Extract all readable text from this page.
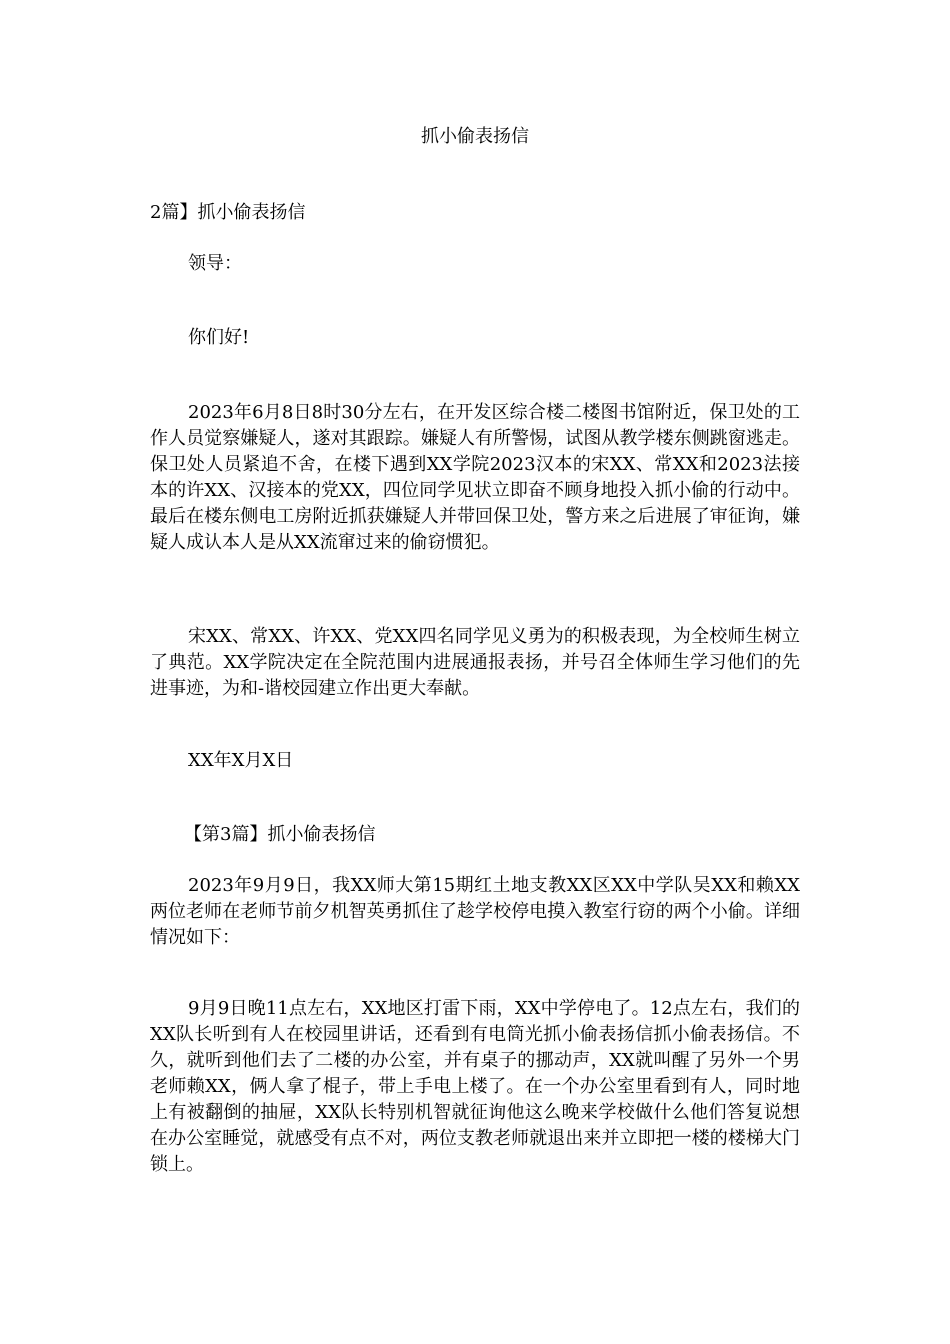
抓小偷表扬信
2篇】抓小偷表扬信
领导：
你们好!
2023年6月8日8时30分左右，在开发区综合楼二楼图书馆附近，保卫处的工作人员觉察嫌疑人，遂对其跟踪。嫌疑人有所警惕，试图从教学楼东侧跳窗逃走。保卫处人员紧追不舍，在楼下遇到XX学院2023汉本的宋XX、常XX和2023法接本的许XX、汉接本的党XX，四位同学见状立即奋不顾身地投入抓小偷的行动中。最后在楼东侧电工房附近抓获嫌疑人并带回保卫处，警方来之后进展了审征询，嫌疑人成认本人是从XX流窜过来的偷窃惯犯。
宋XX、常XX、许XX、党XX四名同学见义勇为的积极表现，为全校师生树立了典范。XX学院决定在全院范围内进展通报表扬，并号召全体师生学习他们的先进事迹，为和-谐校园建立作出更大奉献。
XX年X月X日
【第3篇】抓小偷表扬信
2023年9月9日，我XX师大第15期红土地支教XX区XX中学队吴XX和赖XX两位老师在老师节前夕机智英勇抓住了趁学校停电摸入教室行窃的两个小偷。详细情况如下：
9月9日晚11点左右，XX地区打雷下雨，XX中学停电了。12点左右，我们的XX队长听到有人在校园里讲话，还看到有电筒光抓小偷表扬信抓小偷表扬信。不久，就听到他们去了二楼的办公室，并有桌子的挪动声，XX就叫醒了另外一个男老师赖XX，俩人拿了棍子，带上手电上楼了。在一个办公室里看到有人，同时地上有被翻倒的抽屉，XX队长特别机智就征询他这么晚来学校做什么他们答复说想在办公室睡觉，就感受有点不对，两位支教老师就退出来并立即把一楼的楼梯大门锁上。
